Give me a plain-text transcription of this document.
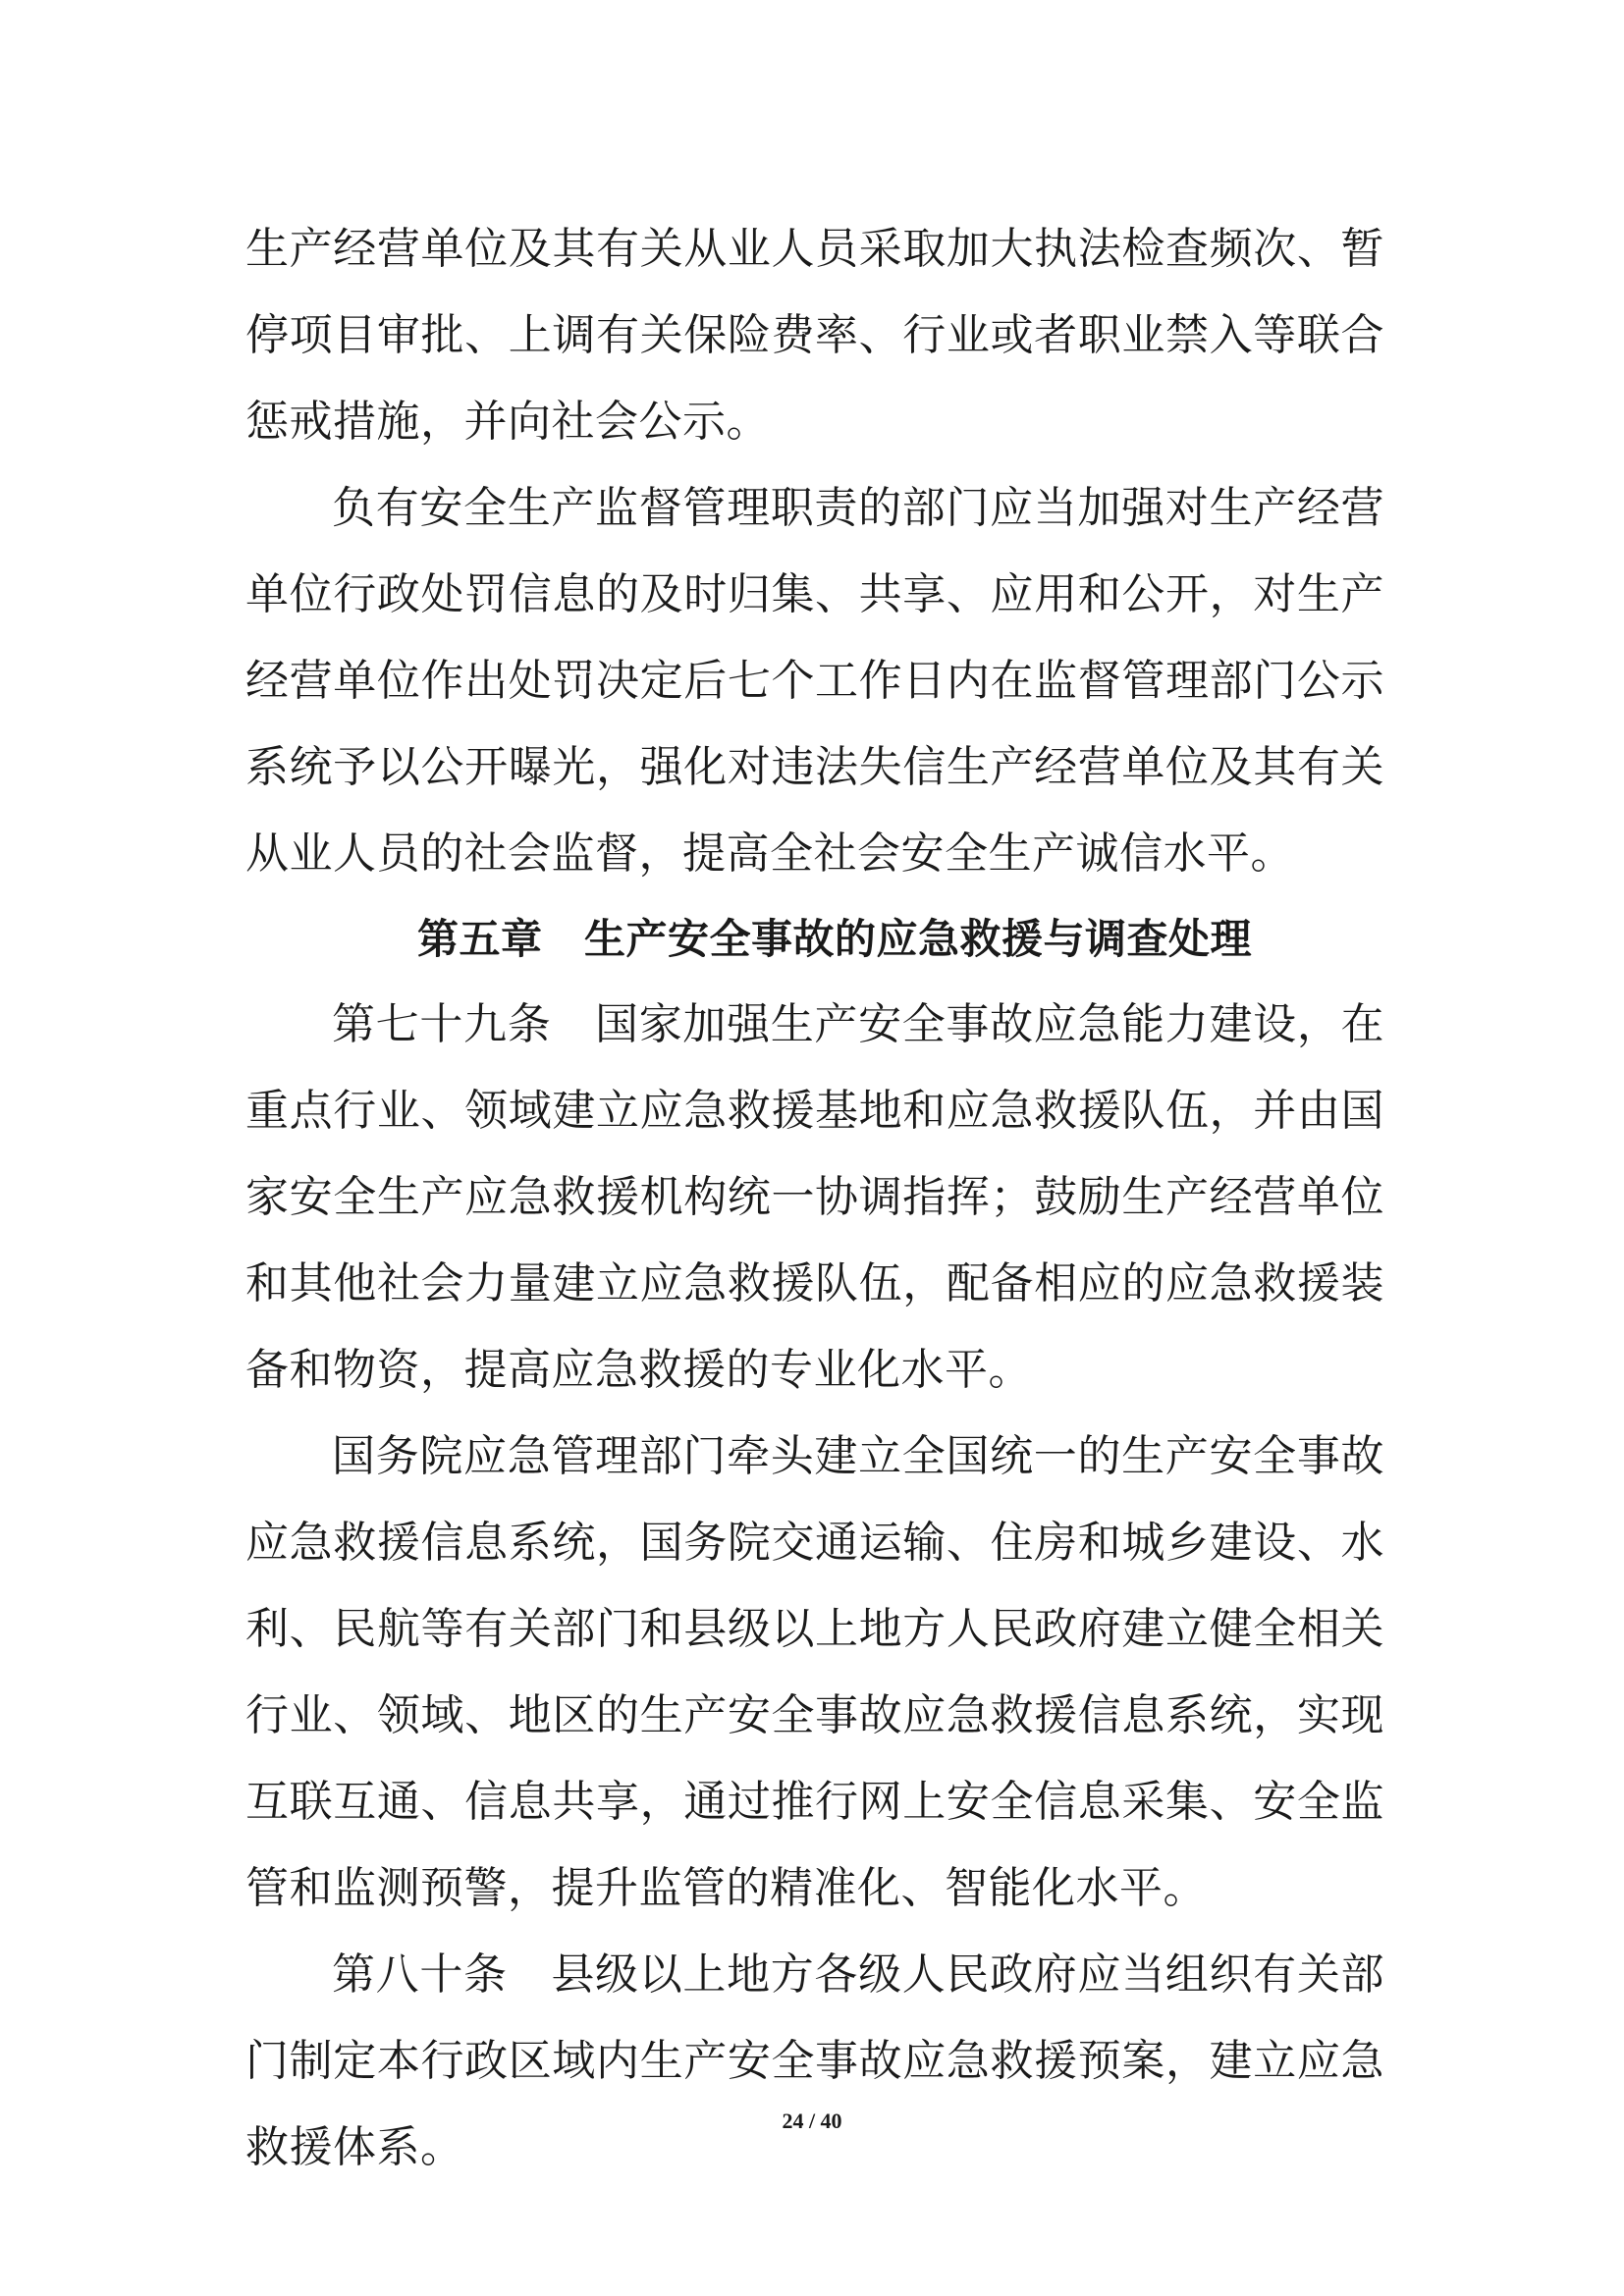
生产经营单位及其有关从业人员采取加大执法检查频次、暂停项目审批、上调有关保险费率、行业或者职业禁入等联合惩戒措施，并向社会公示。

负有安全生产监督管理职责的部门应当加强对生产经营单位行政处罚信息的及时归集、共享、应用和公开，对生产经营单位作出处罚决定后七个工作日内在监督管理部门公示系统予以公开曝光，强化对违法失信生产经营单位及其有关从业人员的社会监督，提高全社会安全生产诚信水平。

第五章　生产安全事故的应急救援与调查处理

第七十九条　国家加强生产安全事故应急能力建设，在重点行业、领域建立应急救援基地和应急救援队伍，并由国家安全生产应急救援机构统一协调指挥；鼓励生产经营单位和其他社会力量建立应急救援队伍，配备相应的应急救援装备和物资，提高应急救援的专业化水平。

国务院应急管理部门牵头建立全国统一的生产安全事故应急救援信息系统，国务院交通运输、住房和城乡建设、水利、民航等有关部门和县级以上地方人民政府建立健全相关行业、领域、地区的生产安全事故应急救援信息系统，实现互联互通、信息共享，通过推行网上安全信息采集、安全监管和监测预警，提升监管的精准化、智能化水平。

第八十条　县级以上地方各级人民政府应当组织有关部门制定本行政区域内生产安全事故应急救援预案，建立应急救援体系。

24 / 40
